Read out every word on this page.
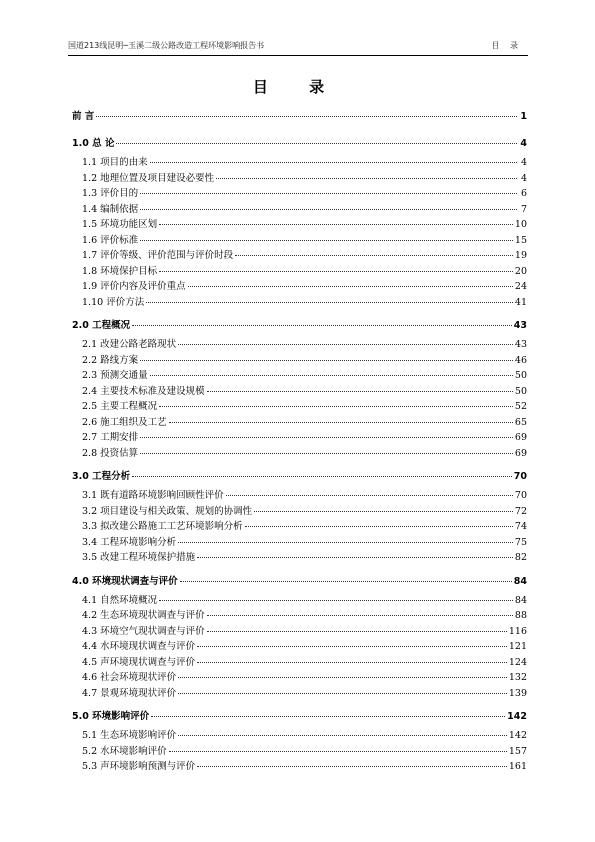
国道213线昆明─玉溪二级公路改造工程环境影响报告书	目 录
目 录
前 言	1
1.0 总 论	4
1.1 项目的由来	4
1.2 地理位置及项目建设必要性	4
1.3 评价目的	6
1.4 编制依据	7
1.5 环境功能区划	10
1.6 评价标准	15
1.7 评价等级、评价范围与评价时段	19
1.8 环境保护目标	20
1.9 评价内容及评价重点	24
1.10 评价方法	41
2.0 工程概况	43
2.1 改建公路老路现状	43
2.2 路线方案	46
2.3 预测交通量	50
2.4 主要技术标准及建设规模	50
2.5 主要工程概况	52
2.6 施工组织及工艺	65
2.7 工期安排	69
2.8 投资估算	69
3.0 工程分析	70
3.1 既有道路环境影响回顾性评价	70
3.2 项目建设与相关政策、规划的协调性	72
3.3 拟改建公路施工工艺环境影响分析	74
3.4 工程环境影响分析	75
3.5 改建工程环境保护措施	82
4.0 环境现状调查与评价	84
4.1 自然环境概况	84
4.2 生态环境现状调查与评价	88
4.3 环境空气现状调查与评价	116
4.4 水环境现状调查与评价	121
4.5 声环境现状调查与评价	124
4.6 社会环境现状评价	132
4.7 景观环境现状评价	139
5.0 环境影响评价	142
5.1 生态环境影响评价	142
5.2 水环境影响评价	157
5.3 声环境影响预测与评价	161
